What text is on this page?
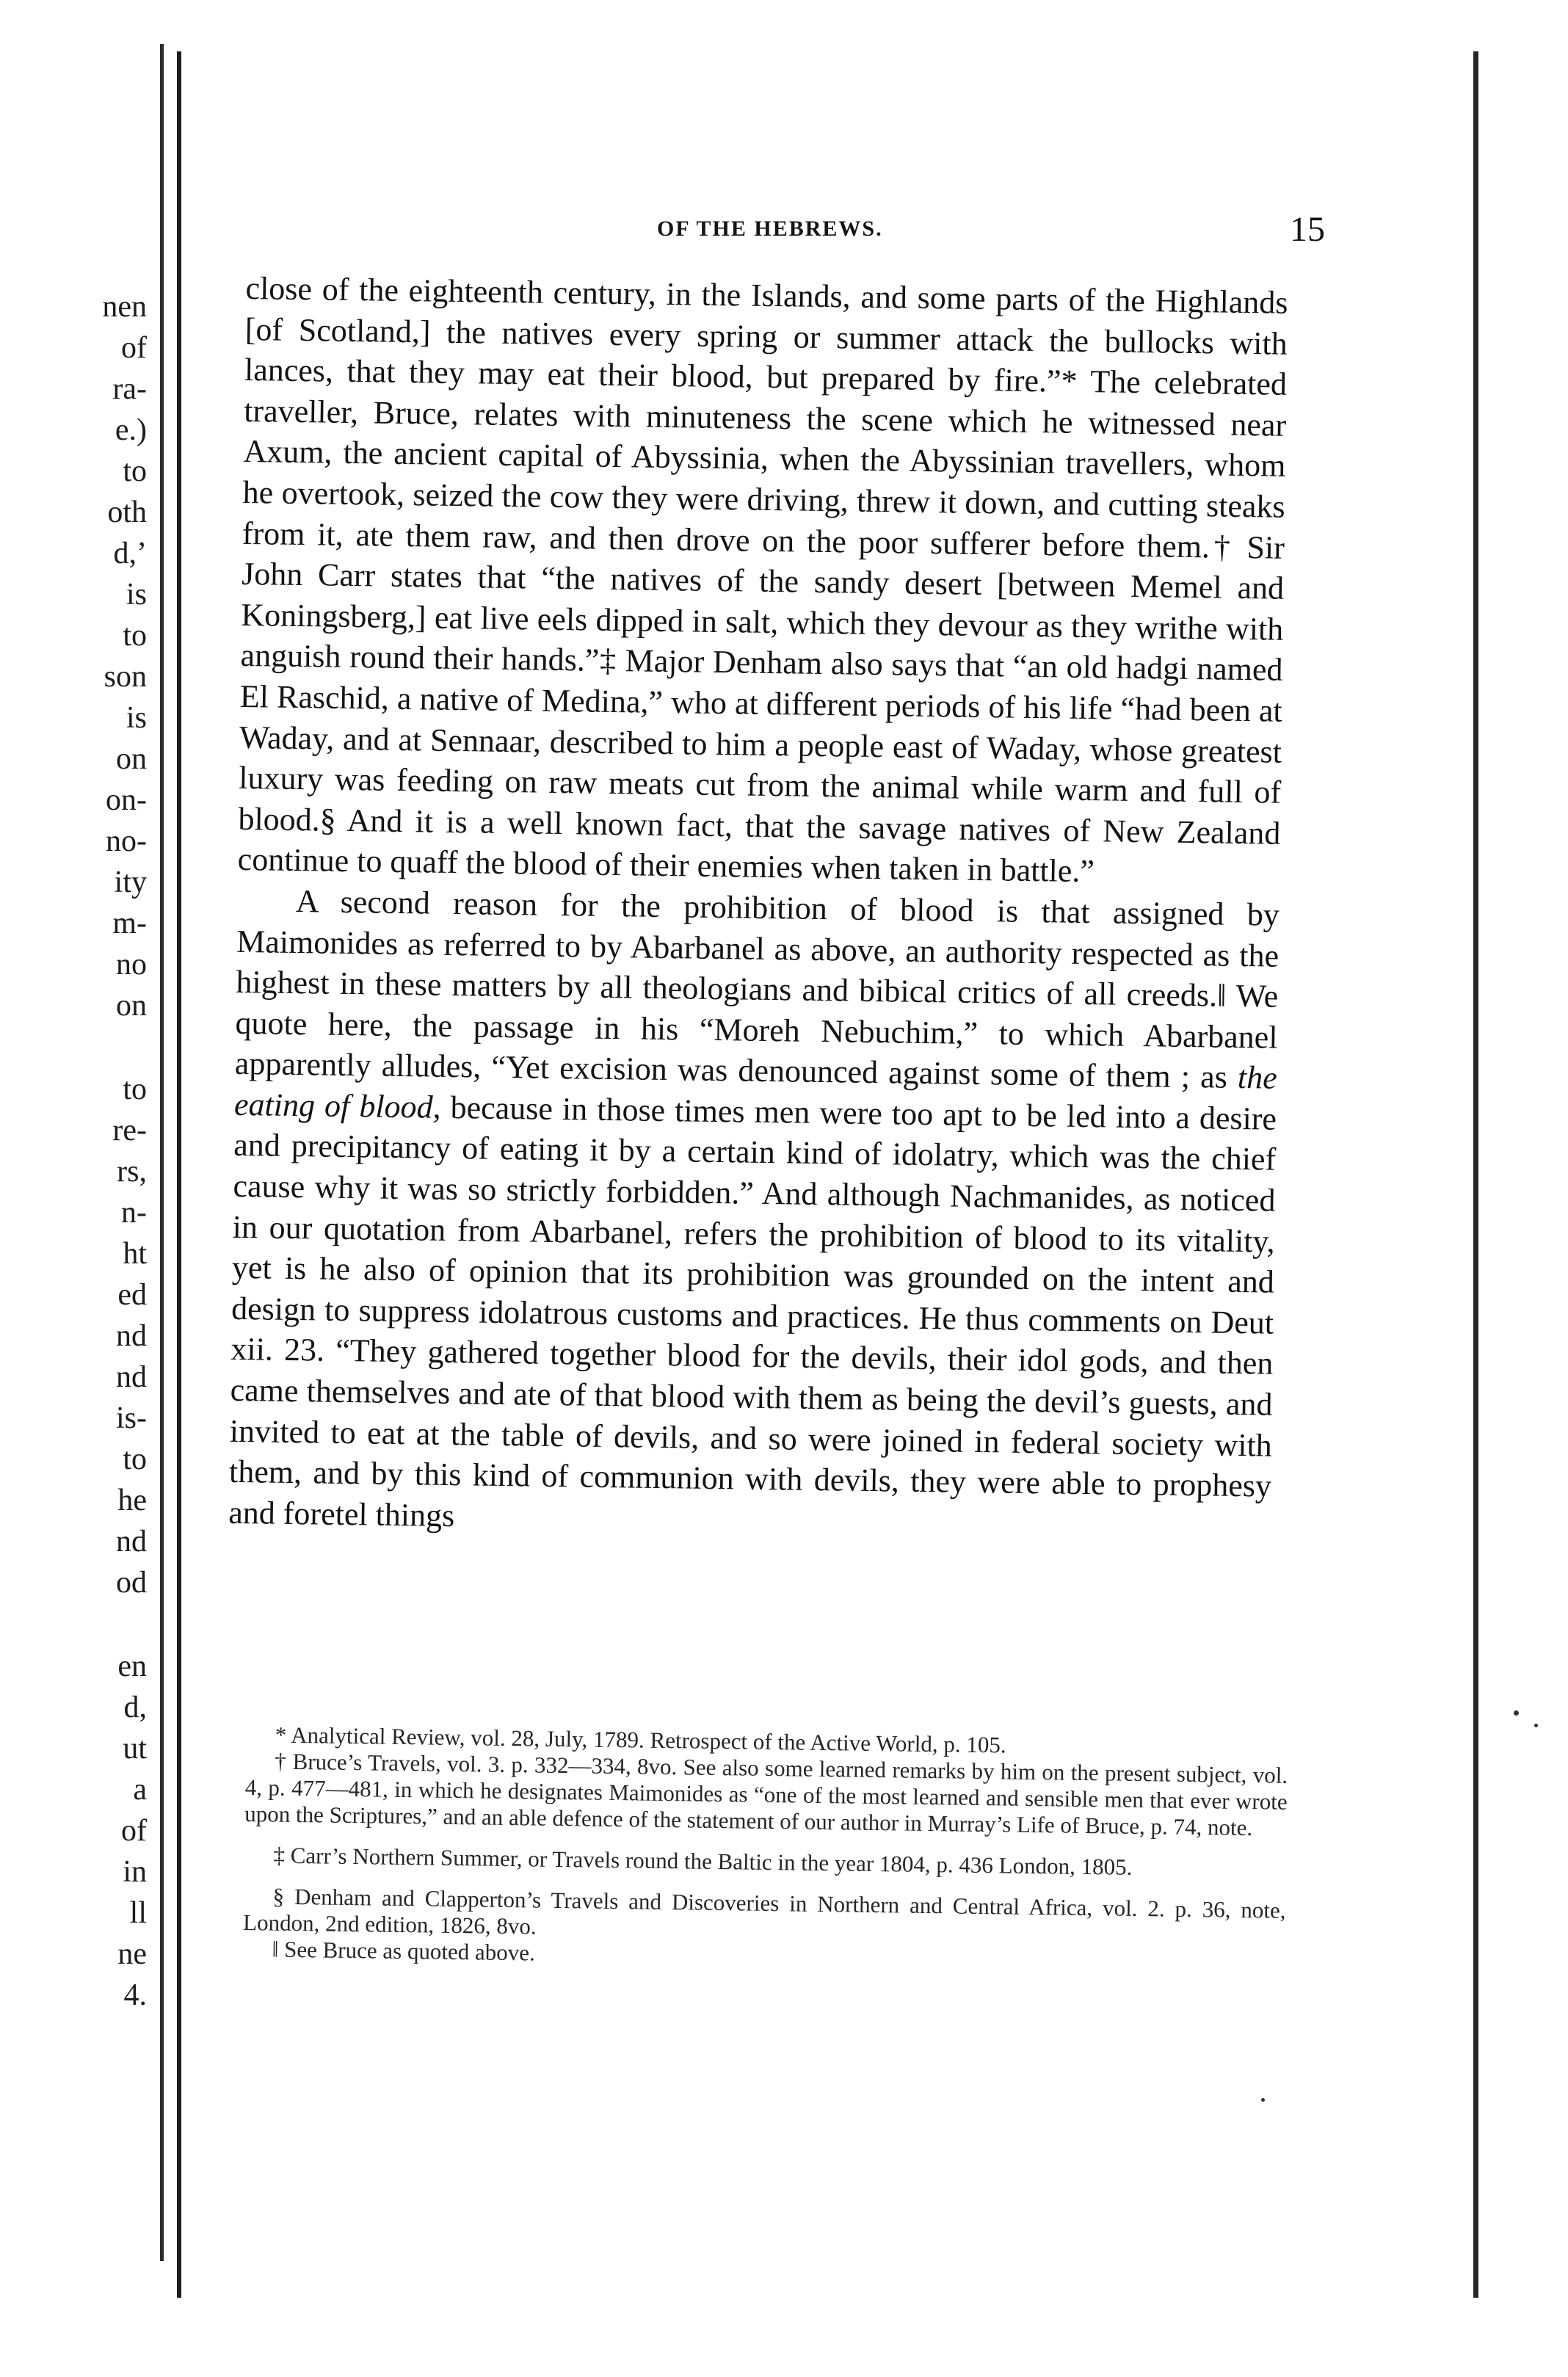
nen
of
ra-
e.)
to
oth
d,’
is
to
son
is
on
on-
no-
ity
m-
no
on
to
re-
rs,
n-
ht
ed
nd
nd
is-
to
he
nd
od
en
d,
ut
a
of
in
ll
ne
4.
OF THE HEBREWS.	15

close of the eighteenth century, in the Islands, and some parts of the Highlands [of Scotland,] the natives every spring or summer attack the bullocks with lances, that they may eat their blood, but prepared by fire.”* The celebrated traveller, Bruce, relates with minuteness the scene which he witnessed near Axum, the ancient capital of Abyssinia, when the Abyssinian travellers, whom he overtook, seized the cow they were driving, threw it down, and cutting steaks from it, ate them raw, and then drove on the poor sufferer before them.† Sir John Carr states that “the natives of the sandy desert [between Memel and Koningsberg,] eat live eels dipped in salt, which they devour as they writhe with anguish round their hands.”‡ Major Denham also says that “an old hadgi named El Raschid, a native of Medina,” who at different periods of his life “had been at Waday, and at Sennaar, described to him a people east of Waday, whose greatest luxury was feeding on raw meats cut from the animal while warm and full of blood.§ And it is a well known fact, that the savage natives of New Zealand continue to quaff the blood of their enemies when taken in battle.”

A second reason for the prohibition of blood is that assigned by Maimonides as referred to by Abarbanel as above, an authority respected as the highest in these matters by all theologians and bibical critics of all creeds.‖ We quote here, the passage in his “Moreh Nebuchim,” to which Abarbanel apparently alludes, “Yet excision was denounced against some of them ; as the eating of blood, because in those times men were too apt to be led into a desire and precipitancy of eating it by a certain kind of idolatry, which was the chief cause why it was so strictly forbidden.” And although Nachmanides, as noticed in our quotation from Abarbanel, refers the prohibition of blood to its vitality, yet is he also of opinion that its prohibition was grounded on the intent and design to suppress idolatrous customs and practices. He thus comments on Deut xii. 23. “They gathered together blood for the devils, their idol gods, and then came themselves and ate of that blood with them as being the devil’s guests, and invited to eat at the table of devils, and so were joined in federal society with them, and by this kind of communion with devils, they were able to prophesy and foretel things

* Analytical Review, vol. 28, July, 1789. Retrospect of the Active World, p. 105.

† Bruce’s Travels, vol. 3. p. 332—334, 8vo. See also some learned remarks by him on the present subject, vol. 4, p. 477—481, in which he designates Maimonides as “one of the most learned and sensible men that ever wrote upon the Scriptures,” and an able defence of the statement of our author in Murray’s Life of Bruce, p. 74, note.

‡ Carr’s Northern Summer, or Travels round the Baltic in the year 1804, p. 436 London, 1805.

§ Denham and Clapperton’s Travels and Discoveries in Northern and Central Africa, vol. 2. p. 36, note, London, 2nd edition, 1826, 8vo.

‖ See Bruce as quoted above.
